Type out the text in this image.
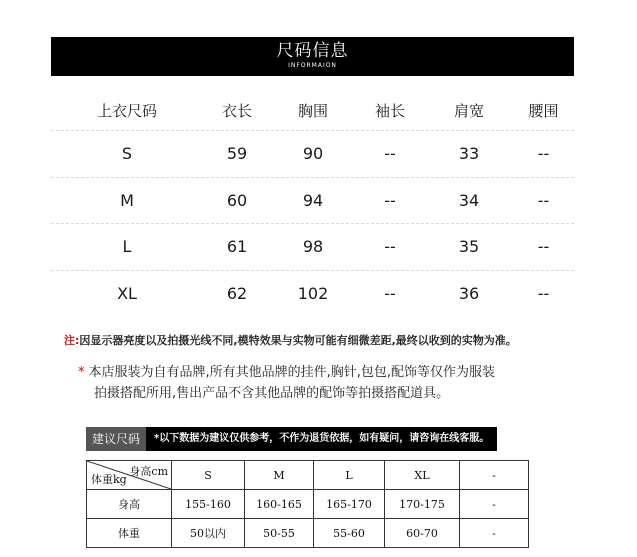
尺码信息
INFORMAION
上衣尺码	衣长	胸围	袖长	肩宽	腰围
S	59	90	--	33	--
M	60	94	--	34	--
L	61	98	--	35	--
XL	62	102	--	36	--
注:因显示器亮度以及拍摄光线不同,模特效果与实物可能有细微差距,最终以收到的实物为准。
* 本店服装为自有品牌,所有其他品牌的挂件,胸针,包包,配饰等仅作为服装
拍摄搭配所用,售出产品不含其他品牌的配饰等拍摄搭配道具。
建议尺码	*以下数据为建议仅供参考，不作为退货依据，如有疑问，请咨询在线客服。
身高cm
体重kg	S	M	L	XL	-
身高	155-160	160-165	165-170	170-175	-
体重	50以内	50-55	55-60	60-70	-
